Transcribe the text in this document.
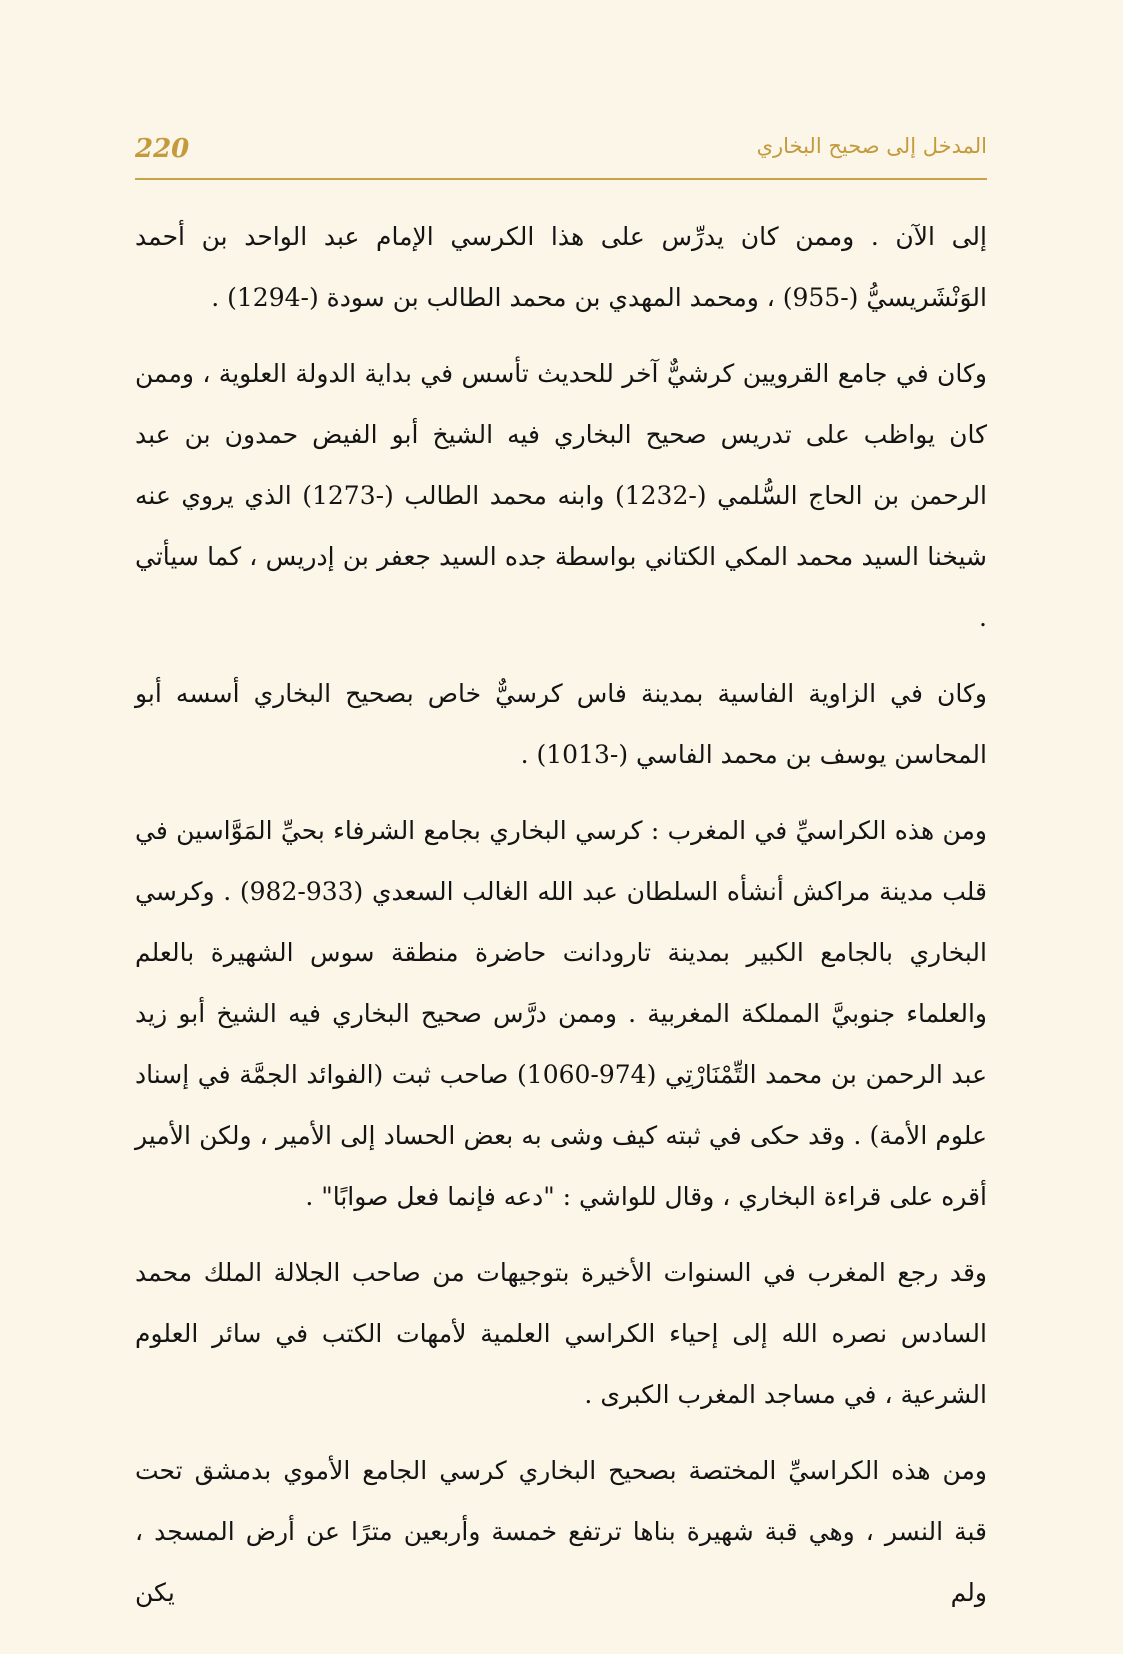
220	المدخل إلى صحيح البخاري

إلى الآن . وممن كان يدرِّس على هذا الكرسي الإمام عبد الواحد بن أحمد الوَنْشَريسيُّ (-955) ، ومحمد المهدي بن محمد الطالب بن سودة (-1294) .

وكان في جامع القرويين كرشيٌّ آخر للحديث تأسس في بداية الدولة العلوية ، وممن كان يواظب على تدريس صحيح البخاري فيه الشيخ أبو الفيض حمدون بن عبد الرحمن بن الحاج السُّلمي (-1232) وابنه محمد الطالب (-1273) الذي يروي عنه شيخنا السيد محمد المكي الكتاني بواسطة جده السيد جعفر بن إدريس ، كما سيأتي .

وكان في الزاوية الفاسية بمدينة فاس كرسيٌّ خاص بصحيح البخاري أسسه أبو المحاسن يوسف بن محمد الفاسي (-1013) .

ومن هذه الكراسيِّ في المغرب : كرسي البخاري بجامع الشرفاء بحيِّ المَوَّاسين في قلب مدينة مراكش أنشأه السلطان عبد الله الغالب السعدي (933-982) . وكرسي البخاري بالجامع الكبير بمدينة تارودانت حاضرة منطقة سوس الشهيرة بالعلم والعلماء جنوبيَّ المملكة المغربية . وممن درَّس صحيح البخاري فيه الشيخ أبو زيد عبد الرحمن بن محمد التِّمْنَارْتِي (974-1060) صاحب ثبت (الفوائد الجمَّة في إسناد علوم الأمة) . وقد حكى في ثبته كيف وشى به بعض الحساد إلى الأمير ، ولكن الأمير أقره على قراءة البخاري ، وقال للواشي : "دعه فإنما فعل صوابًا" .

وقد رجع المغرب في السنوات الأخيرة بتوجيهات من صاحب الجلالة الملك محمد السادس نصره الله إلى إحياء الكراسي العلمية لأمهات الكتب في سائر العلوم الشرعية ، في مساجد المغرب الكبرى .

ومن هذه الكراسيِّ المختصة بصحيح البخاري كرسي الجامع الأموي بدمشق تحت قبة النسر ، وهي قبة شهيرة بناها ترتفع خمسة وأربعين مترًا عن أرض المسجد ، ولم يكن
